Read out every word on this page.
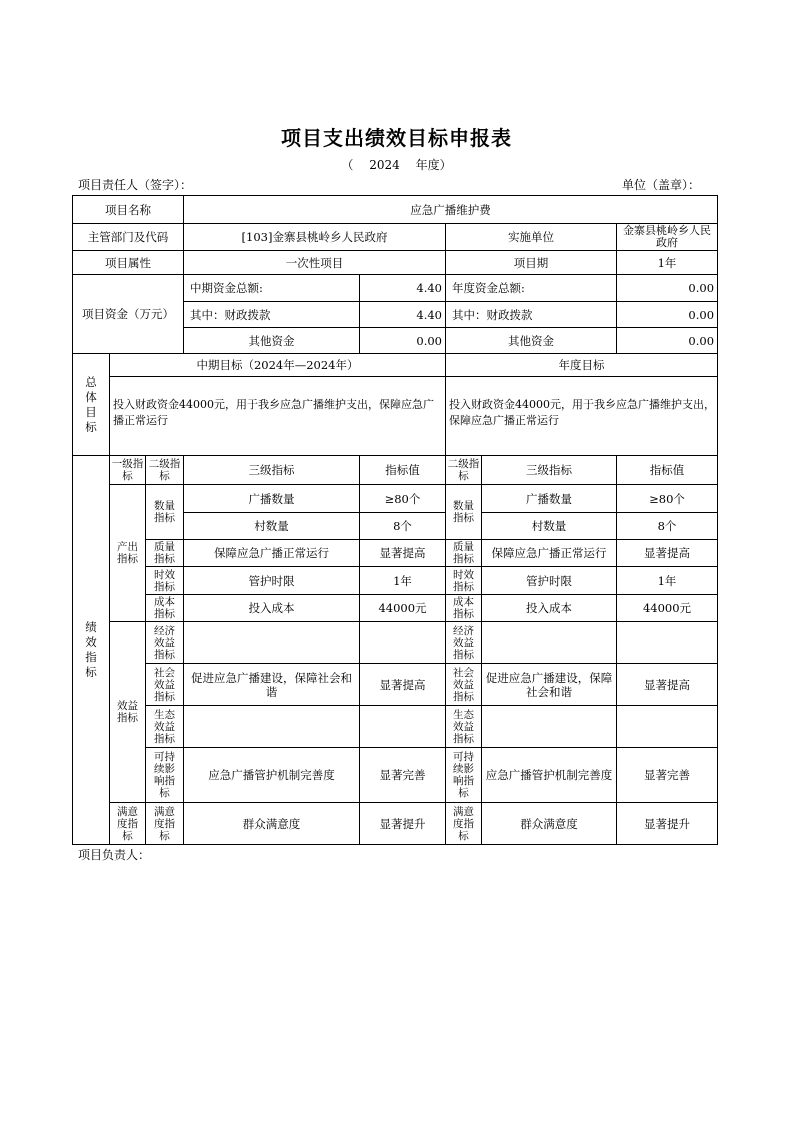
项目支出绩效目标申报表
（ 2024 年度）
项目责任人（签字）：	单位（盖章）：
项目名称			应急广播维护费				
主管部门及代码			[103]金寨县桃岭乡人民政府		实施单位		金寨县桃岭乡人民政府
项目属性			一次性项目		项目期		1年
项目资金（万元）			中期资金总额:	4.40	年度资金总额:		0.00
			其中：财政拨款	4.40	其中：财政拨款		0.00
			其他资金	0.00	其他资金		0.00

总体目标	中期目标（2024年—2024年）				年度目标		
	投入财政资金44000元，用于我乡应急广播维护支出，保障应急广播正常运行				投入财政资金44000元，用于我乡应急广播维护支出，保障应急广播正常运行		

绩效指标	一级指标	二级指标	三级指标	指标值	二级指标	三级指标	指标值

	产出指标	数量指标	广播数量	≥80个	数量指标	广播数量	≥80个
			村数量	8个		村数量	8个

		质量指标	保障应急广播正常运行	显著提高	质量指标	保障应急广播正常运行	显著提高

		时效指标	管护时限	1年	时效指标	管护时限	1年

		成本指标	投入成本	44000元	成本指标	投入成本	44000元

	效益指标	经济效益指标			经济效益指标		

		社会效益指标	促进应急广播建设，保障社会和谐	显著提高	社会效益指标	促进应急广播建设，保障社会和谐	显著提高

		生态效益指标			生态效益指标		

		可持续影响指标	应急广播管护机制完善度	显著完善	可持续影响指标	应急广播管护机制完善度	显著完善

	满意度指标	满意度指标	群众满意度	显著提升	满意度指标	群众满意度	显著提升
项目负责人：
